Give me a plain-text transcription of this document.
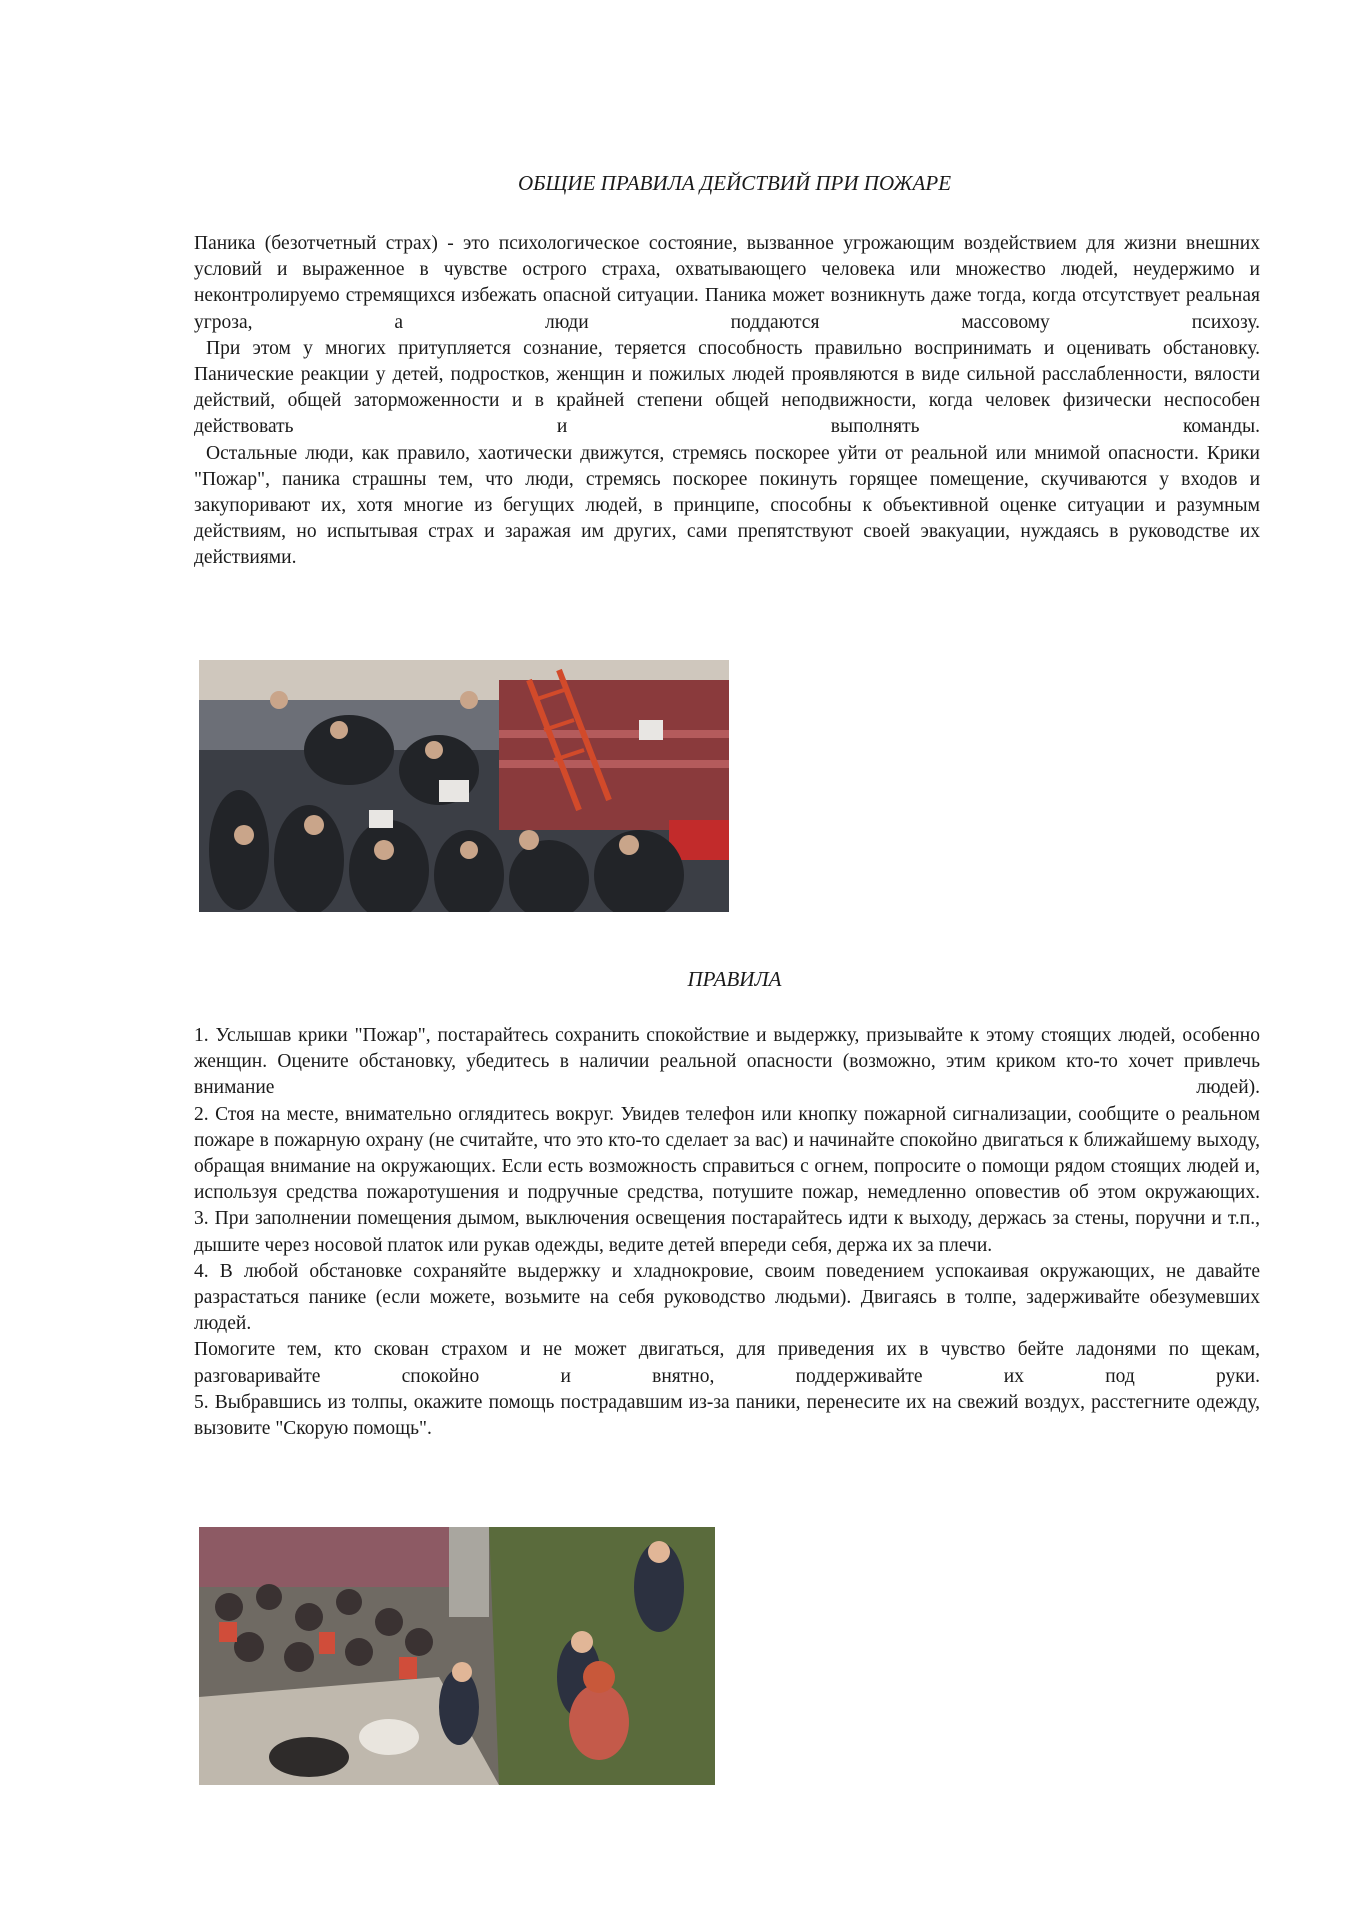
ОБЩИЕ ПРАВИЛА ДЕЙСТВИЙ ПРИ ПОЖАРЕ

Паника (безотчетный страх) - это психологическое состояние, вызванное угрожающим воздействием для жизни внешних условий и выраженное в чувстве острого страха, охватывающего человека или множество людей, неудержимо и неконтролируемо стремящихся избежать опасной ситуации. Паника может возникнуть даже тогда, когда отсутствует реальная угроза, а люди поддаются массовому психозу.

При этом у многих притупляется сознание, теряется способность правильно воспринимать и оценивать обстановку. Панические реакции у детей, подростков, женщин и пожилых людей проявляются в виде сильной расслабленности, вялости действий, общей заторможенности и в крайней степени общей неподвижности, когда человек физически неспособен действовать и выполнять команды.

Остальные люди, как правило, хаотически движутся, стремясь поскорее уйти от реальной или мнимой опасности. Крики "Пожар", паника страшны тем, что люди, стремясь поскорее покинуть горящее помещение, скучиваются у входов и закупоривают их, хотя многие из бегущих людей, в принципе, способны к объективной оценке ситуации и разумным действиям, но испытывая страх и заражая им других, сами препятствуют своей эвакуации, нуждаясь в руководстве их действиями.

ПРАВИЛА

1. Услышав крики "Пожар", постарайтесь сохранить спокойствие и выдержку, призывайте к этому стоящих людей, особенно женщин. Оцените обстановку, убедитесь в наличии реальной опасности (возможно, этим криком кто-то хочет привлечь внимание людей).

2. Стоя на месте, внимательно оглядитесь вокруг. Увидев телефон или кнопку пожарной сигнализации, сообщите о реальном пожаре в пожарную охрану (не считайте, что это кто-то сделает за вас) и начинайте спокойно двигаться к ближайшему выходу, обращая внимание на окружающих. Если есть возможность справиться с огнем, попросите о помощи рядом стоящих людей и, используя средства пожаротушения и подручные средства, потушите пожар, немедленно оповестив об этом окружающих.

3. При заполнении помещения дымом, выключения освещения постарайтесь идти к выходу, держась за стены, поручни и т.п., дышите через носовой платок или рукав одежды, ведите детей впереди себя, держа их за плечи.

4. В любой обстановке сохраняйте выдержку и хладнокровие, своим поведением успокаивая окружающих, не давайте разрастаться панике (если можете, возьмите на себя руководство людьми). Двигаясь в толпе, задерживайте обезумевших людей.

Помогите тем, кто скован страхом и не может двигаться, для приведения их в чувство бейте ладонями по щекам, разговаривайте спокойно и внятно, поддерживайте их под руки.

5. Выбравшись из толпы, окажите помощь пострадавшим из-за паники, перенесите их на свежий воздух, расстегните одежду, вызовите "Скорую помощь".
